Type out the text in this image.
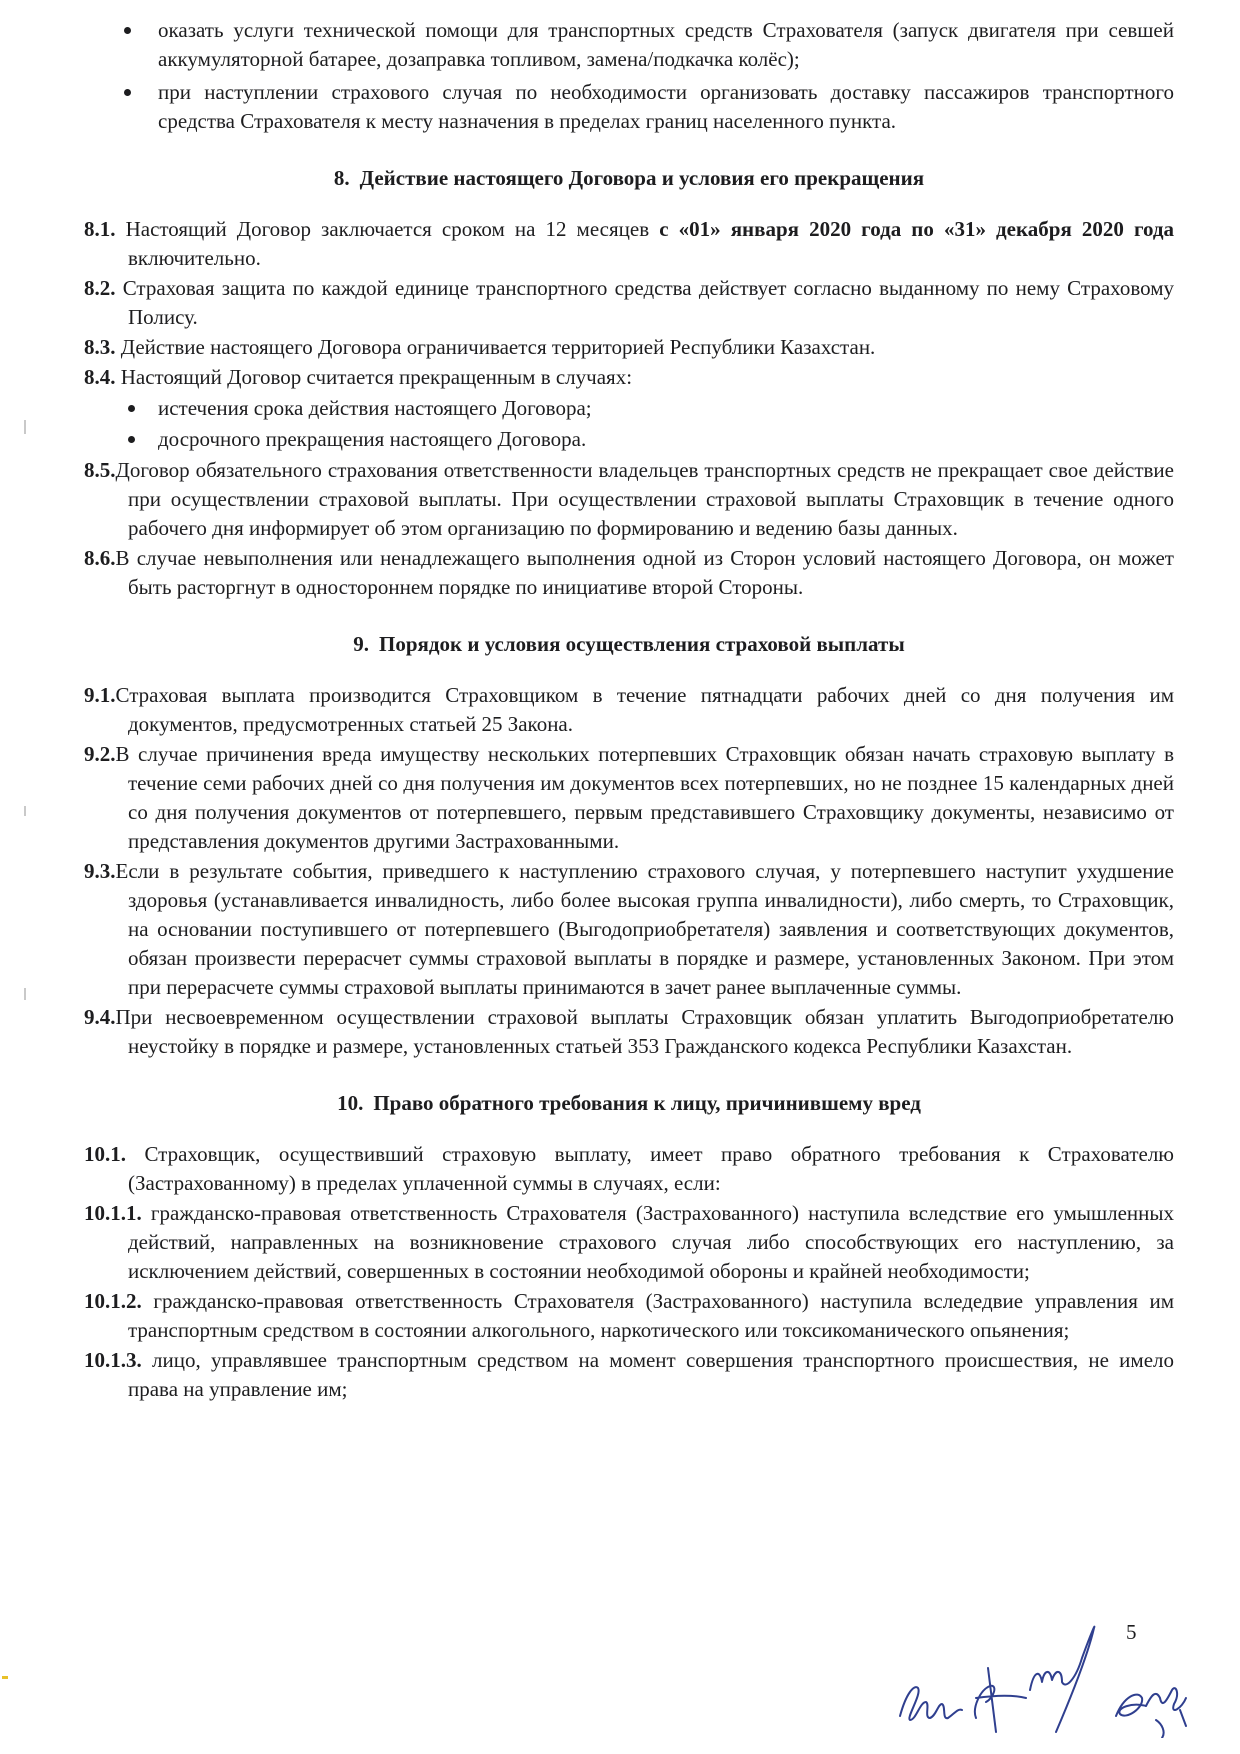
оказать услуги технической помощи для транспортных средств Страхователя (запуск двигателя при севшей аккумуляторной батарее, дозаправка топливом, замена/подкачка колёс);
при наступлении страхового случая по необходимости организовать доставку пассажиров транспортного средства Страхователя к месту назначения в пределах границ населенного пункта.
8. Действие настоящего Договора и условия его прекращения

8.1. Настоящий Договор заключается сроком на 12 месяцев с «01» января 2020 года по «31» декабря 2020 года включительно.

8.2. Страховая защита по каждой единице транспортного средства действует согласно выданному по нему Страховому Полису.

8.3. Действие настоящего Договора ограничивается территорией Республики Казахстан.

8.4. Настоящий Договор считается прекращенным в случаях:

истечения срока действия настоящего Договора;
досрочного прекращения настоящего Договора.

8.5.Договор обязательного страхования ответственности владельцев транспортных средств не прекращает свое действие при осуществлении страховой выплаты. При осуществлении страховой выплаты Страховщик в течение одного рабочего дня информирует об этом организацию по формированию и ведению базы данных.

8.6.В случае невыполнения или ненадлежащего выполнения одной из Сторон условий настоящего Договора, он может быть расторгнут в одностороннем порядке по инициативе второй Стороны.

9. Порядок и условия осуществления страховой выплаты

9.1.Страховая выплата производится Страховщиком в течение пятнадцати рабочих дней со дня получения им документов, предусмотренных статьей 25 Закона.

9.2.В случае причинения вреда имуществу нескольких потерпевших Страховщик обязан начать страховую выплату в течение семи рабочих дней со дня получения им документов всех потерпевших, но не позднее 15 календарных дней со дня получения документов от потерпевшего, первым представившего Страховщику документы, независимо от представления документов другими Застрахованными.

9.3.Если в результате события, приведшего к наступлению страхового случая, у потерпевшего наступит ухудшение здоровья (устанавливается инвалидность, либо более высокая группа инвалидности), либо смерть, то Страховщик, на основании поступившего от потерпевшего (Выгодоприобретателя) заявления и соответствующих документов, обязан произвести перерасчет суммы страховой выплаты в порядке и размере, установленных Законом. При этом при перерасчете суммы страховой выплаты принимаются в зачет ранее выплаченные суммы.

9.4.При несвоевременном осуществлении страховой выплаты Страховщик обязан уплатить Выгодоприобретателю неустойку в порядке и размере, установленных статьей 353 Гражданского кодекса Республики Казахстан.

10. Право обратного требования к лицу, причинившему вред

10.1. Страховщик, осуществивший страховую выплату, имеет право обратного требования к Страхователю (Застрахованному) в пределах уплаченной суммы в случаях, если:

10.1.1. гражданско-правовая ответственность Страхователя (Застрахованного) наступила вследствие его умышленных действий, направленных на возникновение страхового случая либо способствующих его наступлению, за исключением действий, совершенных в состоянии необходимой обороны и крайней необходимости;

10.1.2. гражданско-правовая ответственность Страхователя (Застрахованного) наступила вследедвие управления им транспортным средством в состоянии алкогольного, наркотического или токсикоманического опьянения;

10.1.3. лицо, управлявшее транспортным средством на момент совершения транспортного происшествия, не имело права на управление им;

5
